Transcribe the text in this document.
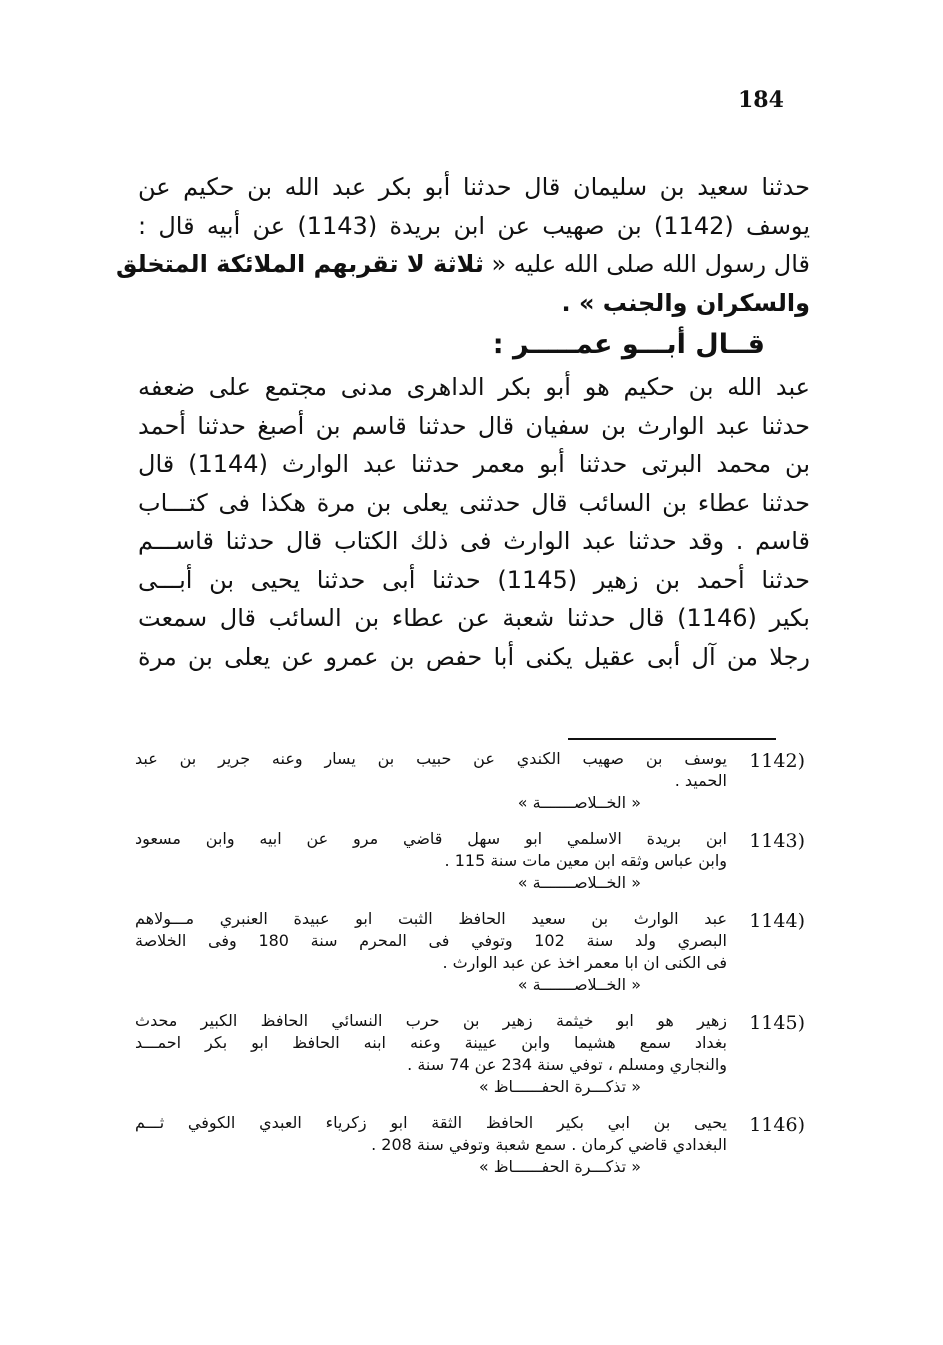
184
حدثنا سعيد بن سليمان قال حدثنا أبو بكر عبد الله بن حكيم عن
يوسف (1142) بن صهيب عن ابن بريدة (1143) عن أبيه قال :
قال رسول الله صلى الله عليه « ثلاثة لا تقربهم الملائكة المتخلق
والسكران والجنب » .
قــال أبـــو عمـــــر :
عبد الله بن حكيم هو أبو بكر الداهرى مدنى مجتمع على ضعفه
حدثنا عبد الوارث بن سفيان قال حدثنا قاسم بن أصبغ حدثنا أحمد
بن محمد البرتى حدثنا أبو معمر حدثنا عبد الوارث (1144) قال
حدثنا عطاء بن السائب قال حدثنى يعلى بن مرة هكذا فى كتـــاب
قاسم . وقد حدثنا عبد الوارث فى ذلك الكتاب قال حدثنا قاســـم
حدثنا أحمد بن زهير (1145) حدثنا أبى حدثنا يحيى بن أبـــى
بكير (1146) قال حدثنا شعبة عن عطاء بن السائب قال سمعت
رجلا من آل أبى عقيل يكنى أبا حفص بن عمرو عن يعلى بن مرة
1142)
يوسف بن صهيب الكندي عن حبيب بن يسار وعنه جرير بن عبد
الحميد .
« الخــلاصـــــــة »
1143)
ابن بريدة الاسلمي ابو سهل قاضي مرو عن ابيه وابن مسعود
وابن عباس وثقه ابن معين مات سنة 115 .
« الخــلاصـــــــة »
1144)
عبد الوارث بن سعيد الحافظ الثبت ابو عبيدة العنبري مـــولاهم
البصري ولد سنة 102 وتوفي فى المحرم سنة 180 وفى الخلاصة
فى الكنى ان ابا معمر اخذ عن عبد الوارث .
« الخــلاصـــــــة »
1145)
زهير هو ابو خيثمة زهير بن حرب النسائي الحافظ الكبير محدث
بغداد سمع هشيما وابن عيينة وعنه ابنه الحافظ ابو بكر احمـــد
والنجاري ومسلم ، توفي سنة 234 عن 74 سنة .
« تذكـــرة الحفــــــاظ »
1146)
يحيى بن ابي بكير الحافظ الثقة ابو زكرياء العبدي الكوفي ثـــم
البغدادي قاضي كرمان . سمع شعبة وتوفي سنة 208 .
« تذكـــرة الحفــــــاظ »
